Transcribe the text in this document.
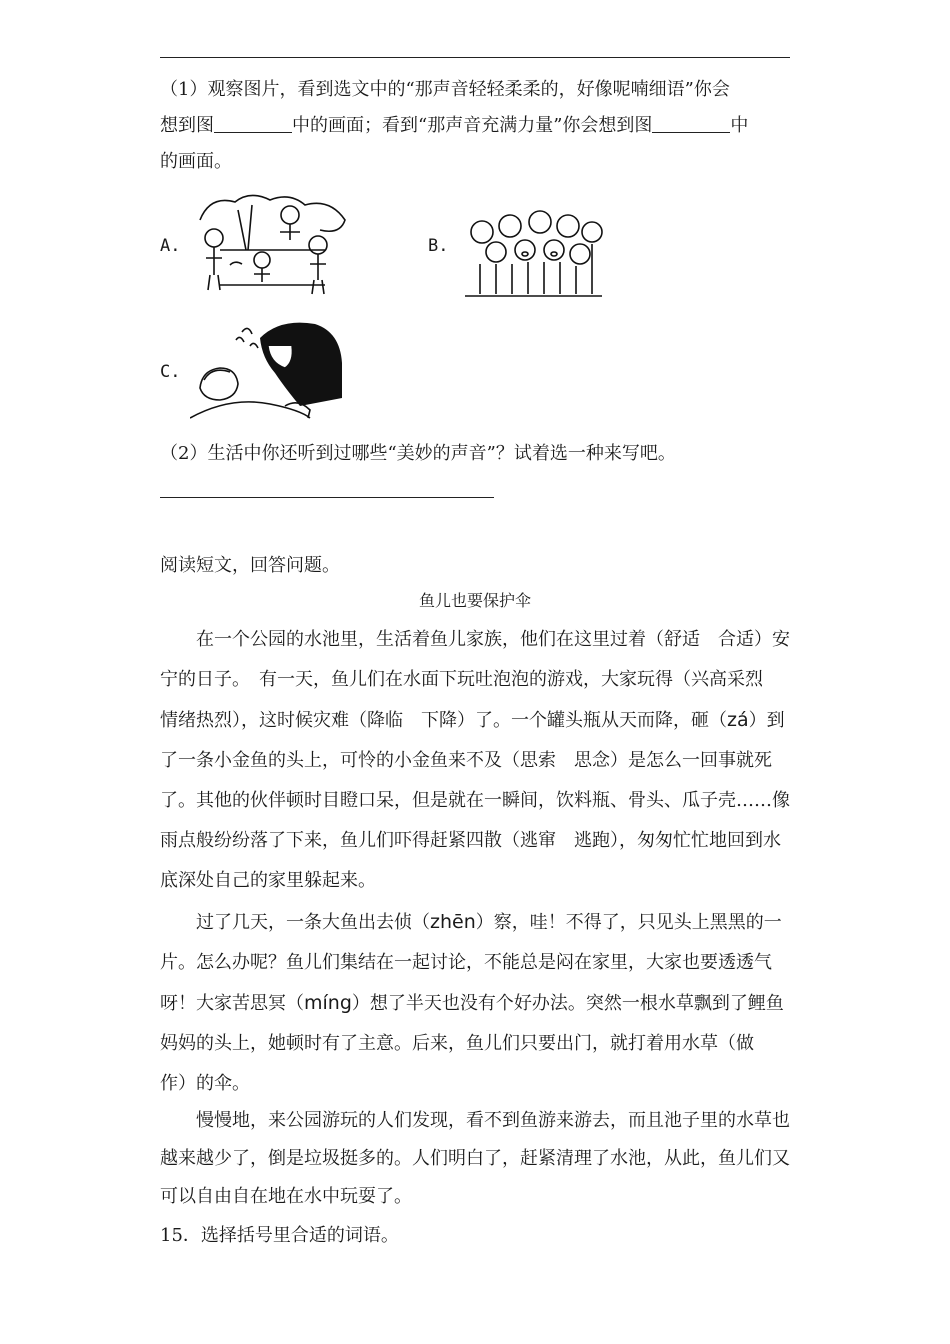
（1）观察图片，看到选文中的“那声音轻轻柔柔的，好像呢喃细语”你会
想到图	中的画面；看到“那声音充满力量”你会想到图	中
的画面。

A.	B.
C.

（2）生活中你还听到过哪些“美妙的声音”？试着选一种来写吧。

阅读短文，回答问题。

鱼儿也要保护伞

在一个公园的水池里，生活着鱼儿家族，他们在这里过着（舒适　合适）安宁的日子。　有一天，鱼儿们在水面下玩吐泡泡的游戏，大家玩得（兴高采烈　情绪热烈），这时候灾难（降临　下降）了。一个罐头瓶从天而降，砸（zá）到了一条小金鱼的头上，可怜的小金鱼来不及（思索　思念）是怎么一回事就死了。其他的伙伴顿时目瞪口呆，但是就在一瞬间，饮料瓶、骨头、瓜子壳……像雨点般纷纷落了下来，鱼儿们吓得赶紧四散（逃窜　逃跑），匆匆忙忙地回到水底深处自己的家里躲起来。

过了几天，一条大鱼出去侦（zhēn）察，哇！不得了，只见头上黑黑的一片。怎么办呢？鱼儿们集结在一起讨论，不能总是闷在家里，大家也要透透气呀！大家苦思冥（míng）想了半天也没有个好办法。突然一根水草飘到了鲤鱼妈妈的头上，她顿时有了主意。后来，鱼儿们只要出门，就打着用水草（做　作）的伞。

慢慢地，来公园游玩的人们发现，看不到鱼游来游去，而且池子里的水草也越来越少了，倒是垃圾挺多的。人们明白了，赶紧清理了水池，从此，鱼儿们又可以自由自在地在水中玩耍了。

15．选择括号里合适的词语。
